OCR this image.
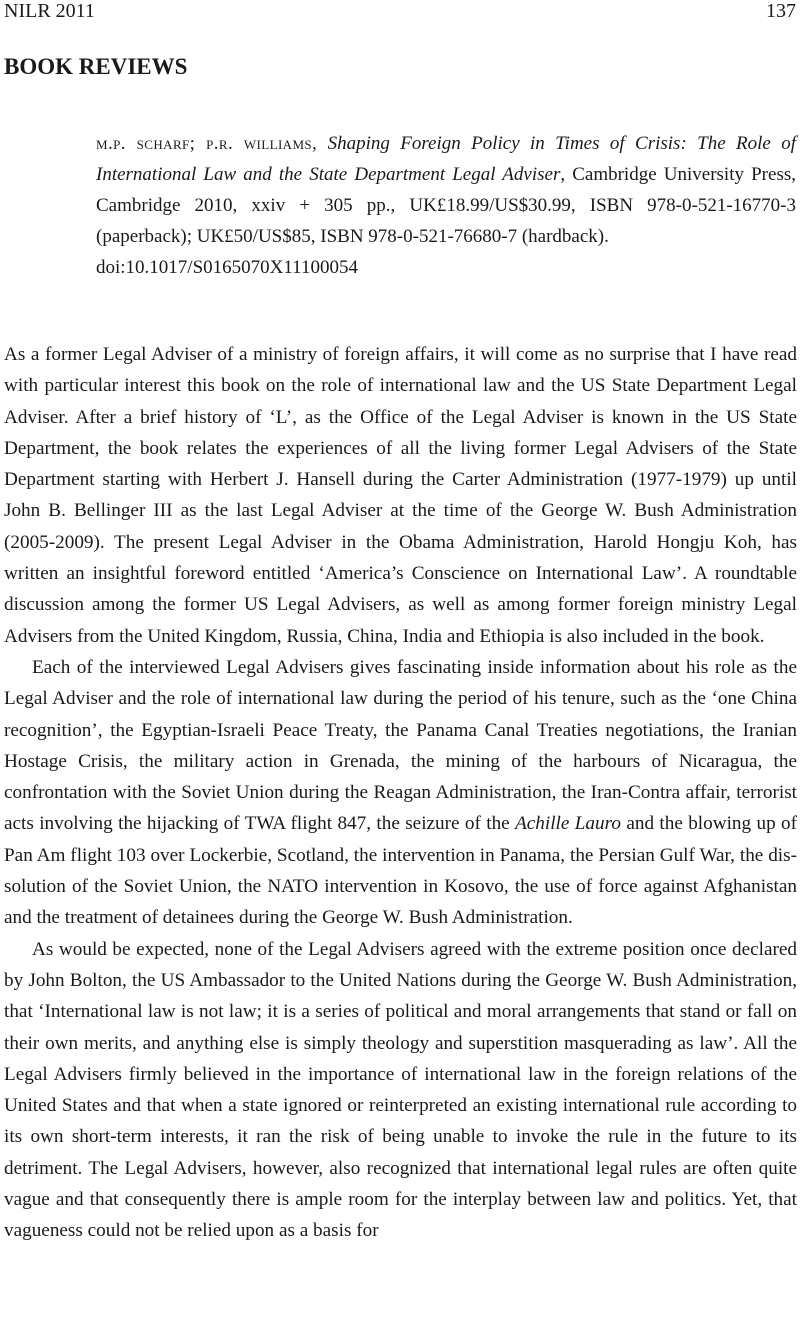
NILR 2011	137
BOOK REVIEWS
m.p. scharf; p.r. williams, Shaping Foreign Policy in Times of Crisis: The Role of International Law and the State Department Legal Adviser, Cambridge University Press, Cambridge 2010, xxiv + 305 pp., UK£18.99/US$30.99, ISBN 978-0-521-16770-3 (paperback); UK£50/US$85, ISBN 978-0-521-76680-7 (hardback).
doi:10.1017/S0165070X11100054

As a former Legal Adviser of a ministry of foreign affairs, it will come as no surprise that I have read with particular interest this book on the role of international law and the US State Department Legal Adviser. After a brief history of ‘L’, as the Office of the Legal Adviser is known in the US State Department, the book relates the experiences of all the living former Legal Advisers of the State Department starting with Herbert J. Hansell during the Carter Administration (1977-1979) up until John B. Bellinger III as the last Legal Adviser at the time of the George W. Bush Administration (2005-2009). The present Legal Adviser in the Obama Administration, Harold Hongju Koh, has written an insightful foreword entitled ‘America’s Conscience on International Law’. A roundtable discussion among the former US Legal Advisers, as well as among former foreign ministry Legal Advisers from the United Kingdom, Russia, China, India and Ethiopia is also included in the book.

Each of the interviewed Legal Advisers gives fascinating inside information about his role as the Legal Adviser and the role of international law during the period of his tenure, such as the ‘one China recognition’, the Egyptian-Israeli Peace Treaty, the Panama Canal Treaties negotiations, the Iranian Hostage Crisis, the military action in Grenada, the mining of the harbours of Nicaragua, the confrontation with the Soviet Union during the Reagan Administration, the Iran-Contra affair, terrorist acts involving the hijacking of TWA flight 847, the seizure of the Achille Lauro and the blowing up of Pan Am flight 103 over Lockerbie, Scotland, the intervention in Panama, the Persian Gulf War, the dissolution of the Soviet Union, the NATO intervention in Kosovo, the use of force against Afghanistan and the treatment of detainees during the George W. Bush Administration.

As would be expected, none of the Legal Advisers agreed with the extreme position once declared by John Bolton, the US Ambassador to the United Nations during the George W. Bush Administration, that ‘International law is not law; it is a series of political and moral arrangements that stand or fall on their own merits, and anything else is simply theology and superstition masquerading as law’. All the Legal Advisers firmly believed in the importance of international law in the foreign relations of the United States and that when a state ignored or reinterpreted an existing international rule according to its own short-term interests, it ran the risk of being unable to invoke the rule in the future to its detriment. The Legal Advisers, however, also recognized that international legal rules are often quite vague and that consequently there is ample room for the interplay between law and politics. Yet, that vagueness could not be relied upon as a basis for
